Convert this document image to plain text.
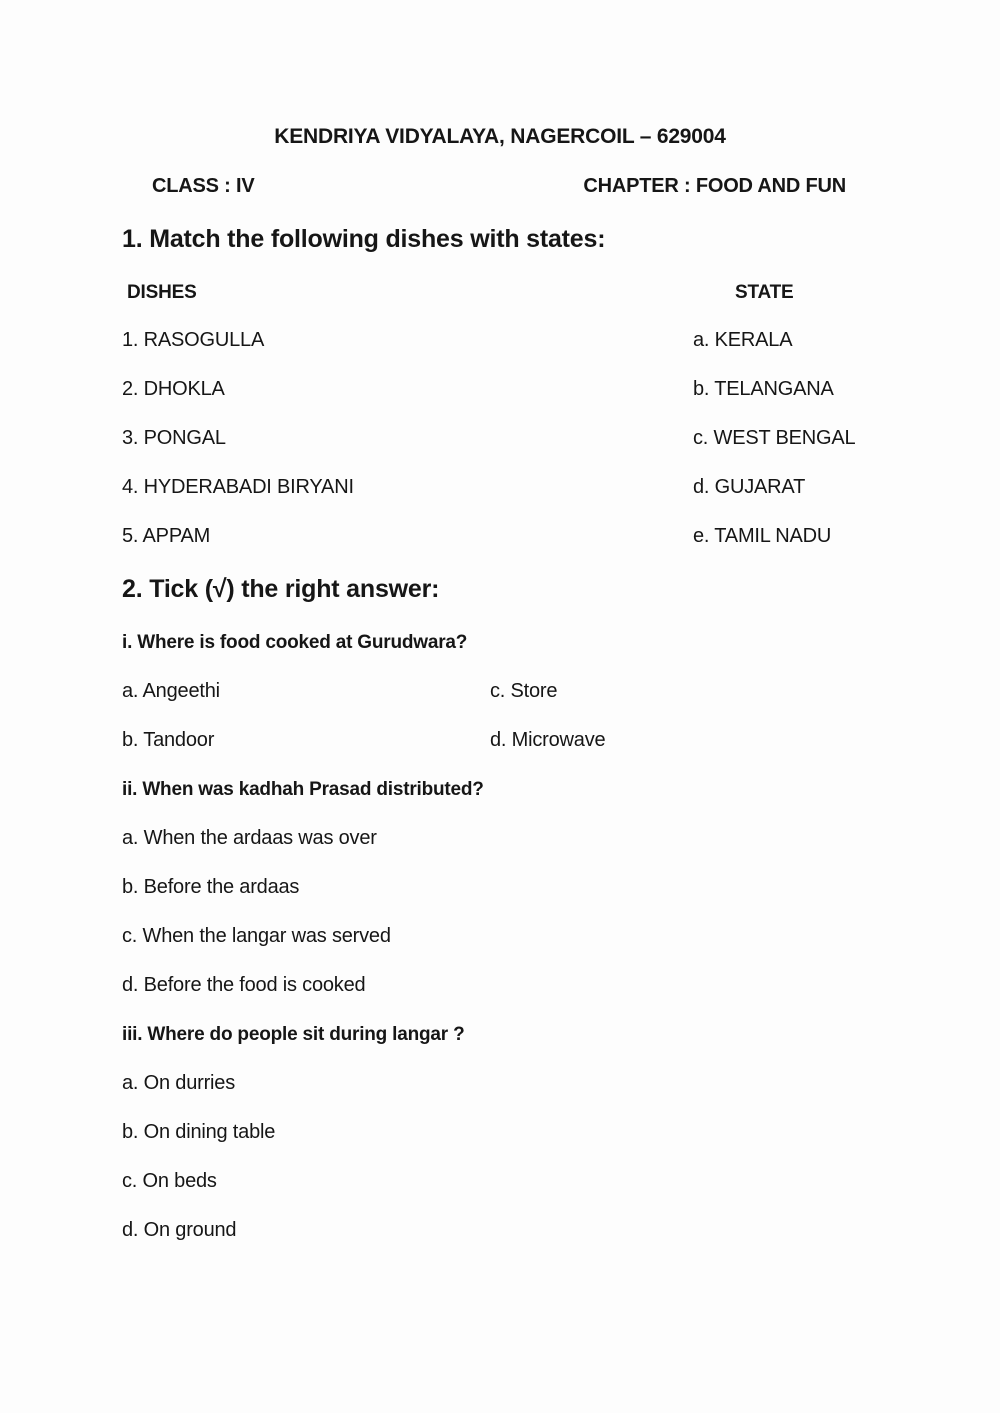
KENDRIYA VIDYALAYA, NAGERCOIL – 629004
CLASS : IV	CHAPTER : FOOD AND FUN
1. Match the following dishes with states:
DISHES	STATE
1. RASOGULLA	a. KERALA
2. DHOKLA	b. TELANGANA
3. PONGAL	c. WEST BENGAL
4. HYDERABADI BIRYANI	d. GUJARAT
5. APPAM	e. TAMIL NADU
2. Tick (√) the right answer:
i. Where is food cooked at Gurudwara?
a. Angeethi	c. Store
b. Tandoor	d. Microwave
ii. When was kadhah Prasad distributed?
a. When the ardaas was over
b. Before the ardaas
c. When the langar was served
d. Before the food is cooked
iii. Where do people sit during langar ?
a. On durries
b. On dining table
c. On beds
d. On ground
